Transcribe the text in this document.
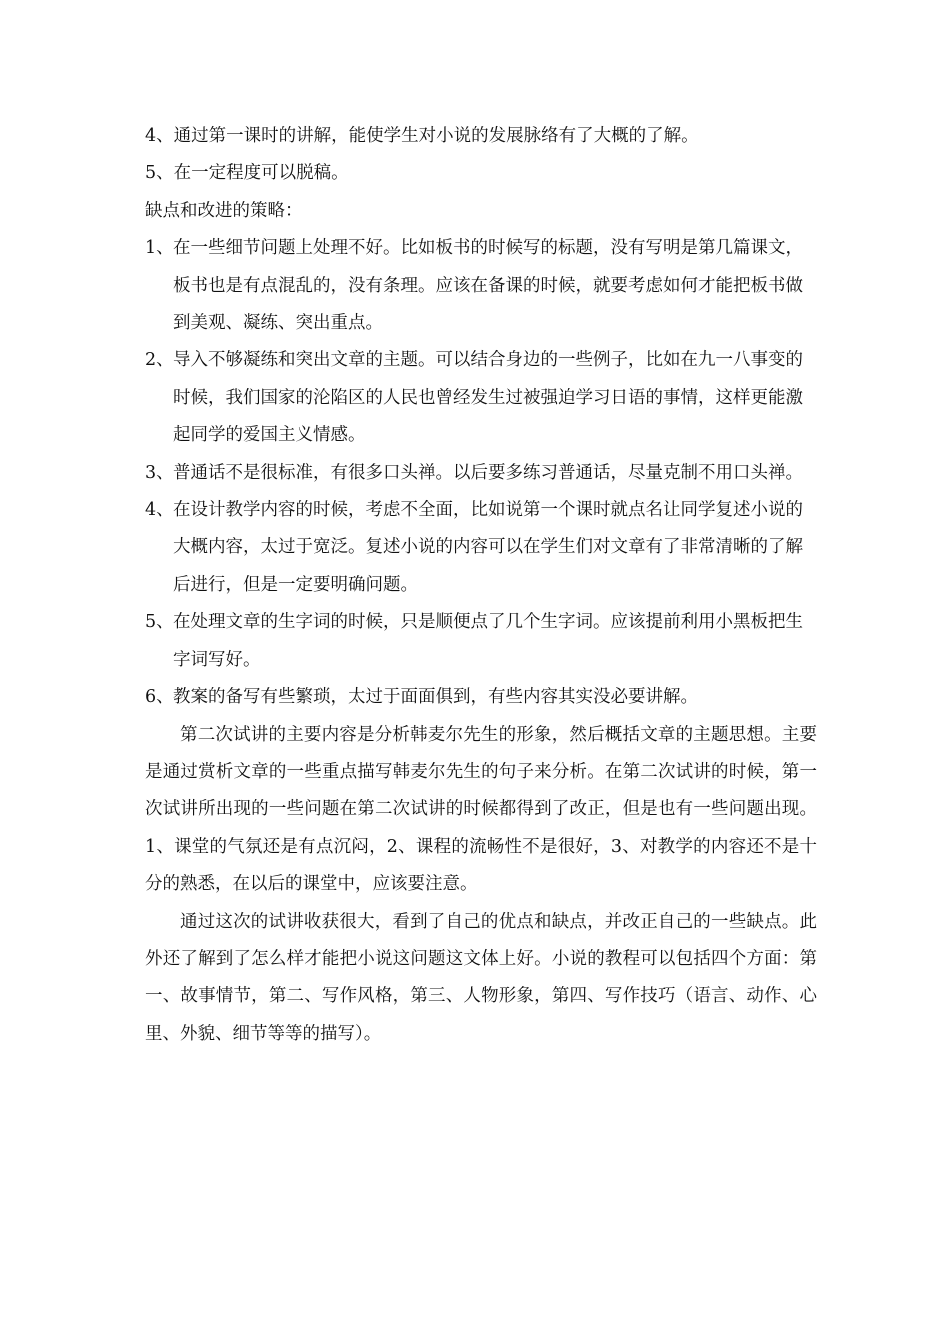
4、通过第一课时的讲解，能使学生对小说的发展脉络有了大概的了解。
5、在一定程度可以脱稿。
缺点和改进的策略：
1、 在一些细节问题上处理不好。比如板书的时候写的标题，没有写明是第几篇课文，板书也是有点混乱的，没有条理。应该在备课的时候，就要考虑如何才能把板书做到美观、凝练、突出重点。
2、 导入不够凝练和突出文章的主题。可以结合身边的一些例子，比如在九一八事变的时候，我们国家的沦陷区的人民也曾经发生过被强迫学习日语的事情，这样更能激起同学的爱国主义情感。
3、 普通话不是很标准，有很多口头禅。以后要多练习普通话，尽量克制不用口头禅。
4、 在设计教学内容的时候，考虑不全面，比如说第一个课时就点名让同学复述小说的大概内容，太过于宽泛。复述小说的内容可以在学生们对文章有了非常清晰的了解后进行，但是一定要明确问题。
5、 在处理文章的生字词的时候，只是顺便点了几个生字词。应该提前利用小黑板把生字词写好。
6、 教案的备写有些繁琐，太过于面面俱到，有些内容其实没必要讲解。

第二次试讲的主要内容是分析韩麦尔先生的形象，然后概括文章的主题思想。主要是通过赏析文章的一些重点描写韩麦尔先生的句子来分析。在第二次试讲的时候，第一次试讲所出现的一些问题在第二次试讲的时候都得到了改正，但是也有一些问题出现。1、课堂的气氛还是有点沉闷，2、课程的流畅性不是很好，3、对教学的内容还不是十分的熟悉，在以后的课堂中，应该要注意。

通过这次的试讲收获很大，看到了自己的优点和缺点，并改正自己的一些缺点。此外还了解到了怎么样才能把小说这问题这文体上好。小说的教程可以包括四个方面：第一、故事情节，第二、写作风格，第三、人物形象，第四、写作技巧（语言、动作、心里、外貌、细节等等的描写）。
